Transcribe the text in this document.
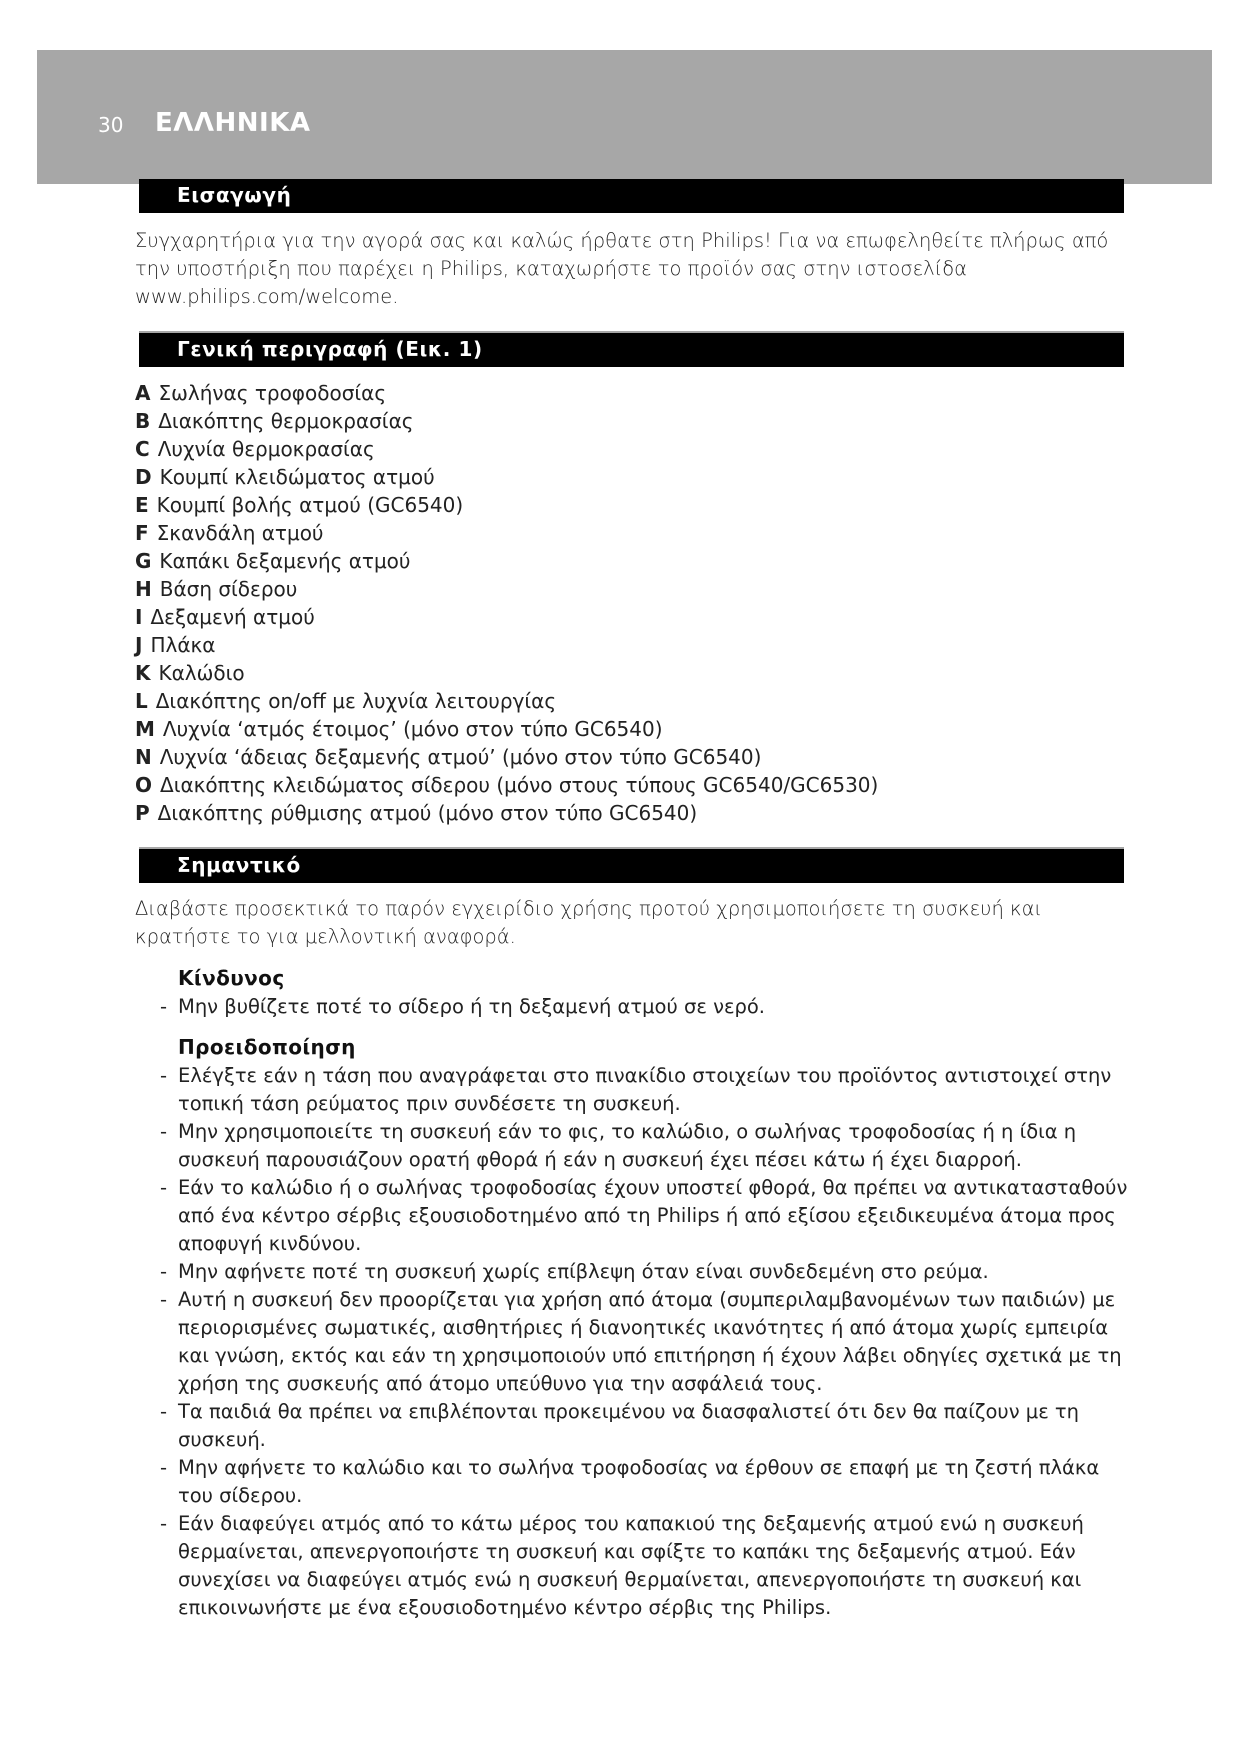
30 ΕΛΛΗΝΙΚΑ
Εισαγωγή
Συγχαρητήρια για την αγορά σας και καλώς ήρθατε στη Philips! Για να επωφεληθείτε πλήρως από την υποστήριξη που παρέχει η Philips, καταχωρήστε το προϊόν σας στην ιστοσελίδα www.philips.com/welcome.
Γενική περιγραφή (Εικ. 1)
A Σωλήνας τροφοδοσίας
B Διακόπτης θερμοκρασίας
C Λυχνία θερμοκρασίας
D Κουμπί κλειδώματος ατμού
E Κουμπί βολής ατμού (GC6540)
F Σκανδάλη ατμού
G Καπάκι δεξαμενής ατμού
H Βάση σίδερου
I Δεξαμενή ατμού
J Πλάκα
K Καλώδιο
L Διακόπτης on/off με λυχνία λειτουργίας
M Λυχνία ‘ατμός έτοιμος’ (μόνο στον τύπο GC6540)
N Λυχνία ‘άδειας δεξαμενής ατμού’ (μόνο στον τύπο GC6540)
O Διακόπτης κλειδώματος σίδερου (μόνο στους τύπους GC6540/GC6530)
P Διακόπτης ρύθμισης ατμού (μόνο στον τύπο GC6540)
Σημαντικό
Διαβάστε προσεκτικά το παρόν εγχειρίδιο χρήσης προτού χρησιμοποιήσετε τη συσκευή και κρατήστε το για μελλοντική αναφορά.
Κίνδυνος

- Μην βυθίζετε ποτέ το σίδερο ή τη δεξαμενή ατμού σε νερό.

Προειδοποίηση

- Ελέγξτε εάν η τάση που αναγράφεται στο πινακίδιο στοιχείων του προϊόντος αντιστοιχεί στην τοπική τάση ρεύματος πριν συνδέσετε τη συσκευή.

- Μην χρησιμοποιείτε τη συσκευή εάν το φις, το καλώδιο, ο σωλήνας τροφοδοσίας ή η ίδια η συσκευή παρουσιάζουν ορατή φθορά ή εάν η συσκευή έχει πέσει κάτω ή έχει διαρροή.

- Εάν το καλώδιο ή ο σωλήνας τροφοδοσίας έχουν υποστεί φθορά, θα πρέπει να αντικατασταθούν από ένα κέντρο σέρβις εξουσιοδοτημένο από τη Philips ή από εξίσου εξειδικευμένα άτομα προς αποφυγή κινδύνου.

- Μην αφήνετε ποτέ τη συσκευή χωρίς επίβλεψη όταν είναι συνδεδεμένη στο ρεύμα.

- Αυτή η συσκευή δεν προορίζεται για χρήση από άτομα (συμπεριλαμβανομένων των παιδιών) με περιορισμένες σωματικές, αισθητήριες ή διανοητικές ικανότητες ή από άτομα χωρίς εμπειρία και γνώση, εκτός και εάν τη χρησιμοποιούν υπό επιτήρηση ή έχουν λάβει οδηγίες σχετικά με τη χρήση της συσκευής από άτομο υπεύθυνο για την ασφάλειά τους.

- Τα παιδιά θα πρέπει να επιβλέπονται προκειμένου να διασφαλιστεί ότι δεν θα παίζουν με τη συσκευή.

- Μην αφήνετε το καλώδιο και το σωλήνα τροφοδοσίας να έρθουν σε επαφή με τη ζεστή πλάκα του σίδερου.

- Εάν διαφεύγει ατμός από το κάτω μέρος του καπακιού της δεξαμενής ατμού ενώ η συσκευή θερμαίνεται, απενεργοποιήστε τη συσκευή και σφίξτε το καπάκι της δεξαμενής ατμού. Εάν συνεχίσει να διαφεύγει ατμός ενώ η συσκευή θερμαίνεται, απενεργοποιήστε τη συσκευή και επικοινωνήστε με ένα εξουσιοδοτημένο κέντρο σέρβις της Philips.
